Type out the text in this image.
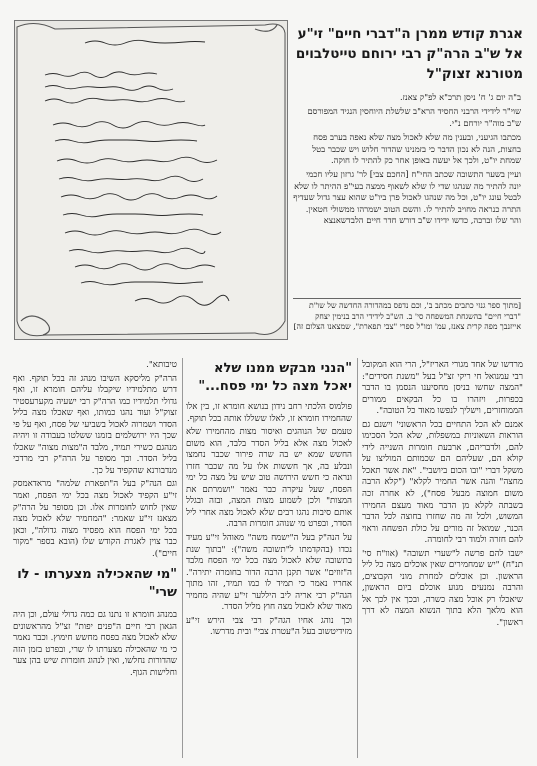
אגרת קודש ממרן ה"דברי חיים" זי"ע אל ש"ב הרה"ק רבי ירוחם טייטלבוים מטורנא זצוק"ל

ב"ה יום ג' ח' ניסן תרכ"א לפ"ק צאנז.

שוי"ר לידידי הרבני החסיד הרא"ב שלשלת היוחסין הנגיד המפורסם ש"ב מוה"ר יורחם נ"י.

מכתבו הגיעני, ובענין מה שלא לאכול מצה שלא נאפה בערב פסח בחצות, הנה לא נכון הדבר כי בזמנינו שהדור חלוש ויש שכבר בטל שמחת יו"ט, ולכך אל יעשה באופן אחר כק להתיר לו חוקה.

ועיין בשער התשובה שכתב החי"ח [החכם צבי] לר' גרזון עליו חכמי יונה להתיר מה שנהגו שדי לו שלא לשאוף ממצה בעי"פ ההיתר לו שלא לבטל עונג יו"ט, וכל מה שנהגו לאכול פרן ביו"ט שהוא עצר גדול שעדיף התרה כנראה מחויב להתיר לו. והשם הטוב ישמרהו ממשולי חטאין. והר שלו וברכה, כדשו ידידו ש"ב דורש חדר חיים הלבדשאנצא

[מתוך ספר גנזי כתבים מכתב ב', וכם נדפס במהדורה החדשה של שו"ת "דברי חיים" בהשגחת המשפחה סי' ב. הש"ב לידידי הרב בנימין יצחק אייזנבך מפה קרית צאנז, עמ' ומו"ל ספרי "צבי תפארת", שמצאנו הצלום זה]

מרדשו של אחד מגורי האריז"ל, הרי הוא המקובל רבי עמנואל חי ריקי זצ"ל בעל "משנת חסידים": "המצה שחשו בניסן מחסיענו הנסמן בו הדבר בכפרות, ויזהרו בו כל הבקאים ממורים הממוחזרים, וישליך לנפשו מאוד כל הטובה".

אמנם לא הכל התחיים בכל הראשוני' וישנם גם הוראות השאוניות במשפלות, שלא הכל הסכימו להם, ולדבריהם, ארבעת חומרות השנייה לידי קולא הם, שעליהם הם שכמותם המוליצו על משקל דברי "ובו הכום ביושבי". "את אשר תאכל מחצה" והנה אשר החמיר לקלא" ("קלא הרבה משום חמוצה מבעל פסח"), לא אחרה זכה בשבתה לקלא מן הדבר מאוד מעצם החמירו המשוש, ולכל זה מה שחזרו בחוצה לכל הדבר הכנר, שמואל זה מורים על כולת הפשחה וראוי להם חזרה ולמוד רבי לחומרה.

ישבו להם פרשה ל"שערי תשובה" (אוו"ח סי' תנ"ח) "יש שמחמירים שאין אוכלים מצה כל ליל הראשון. וכן אוכלים למחרת מוני הקבוצים, והרבה נמנעים מנוע אוכלם ביום הראשון, שיאכלו רק אוכל מצה כשרה, ובכך אין לכך אל הוא מלאך הלא בתוך הנשוא המצה לא דרך ראשון".

"הנני מבקש ממנו שלא יאכל מצה כל ימי פסח..."

פולמוס הלכתי רחב נידון בנושא חומרא זו, בין אלו שהחמירו חומרא זו, לאלו ששללו אותה בכל תוקף.

טעמם של הנוהגים ואיסור מצות מהחמירו שלא לאכול מצה אלא בליל הסדר בלבד, הוא משום החשש שמא יש בה שרה פירור שכבר נחמצו ונבלע בה, אך חששות אלו על מה שכבר חזרו ונראה כי חשש הירושה טוב שיש על מצה כל ימי הפסח, שעל עיקרה כבר נאמר "ושמרתם את המצות" ולכן לשמוע מצות המצה, ובזה ובגלל אותם סיבות נהגו רבים שלא לאכול מצה אחרי ליל הסדר, ובפרט מי שנוהג חומרות הרבה.

על הנה"ק בעל ה"ישמח משה" מאוהל זי"ע מעיד נכדו (בהקדמתו ל"תשובה משה"): "בתוך שנת בתשובה שלא לאכול מצה בכל ימי הפסח מלבד ה"זוזים" אשר תקנן הרבה הדור בחומרה יתירה". אחריו נאמר כי תמיד לו כמו תמיד, זהו מתוך הגה"ק רבי אריה ליב היללער זי"ע שהיה מחמיר מאוד שלא לאכול מצה חוץ מליל הסדר.

וכך נוהג אחיו הגה"ק רבי צבי הירש זי"ע מזידיטשוב בעל ה"עטרת צבי" ובית מדרשו.

טיבותא".

הרה"ק מליסקא השיבו מנהג זה בכל תוקף. ואף דרש מתלמידיו שיקבלו עליהם חומרא זו, ואף גדולי תלמידיו כמו הרה"ק רבי ישעיה מקערעסטיר זצוק"ל ועוד נהגו כמותו, ואף שאכלו מצה בליל הסדר ושמרוה לאכול בשביעי של פסח, ואף על פי שכך היו ירושלמים בזמנו ששלטו בעבודה זו ויהיה מנהגם כשירי תמיד, מלבד ה"מצות מצוה" שאכלו בליל הסדר. וכך מסופר על הרה"ק רבי מרדכי מנדבורנא שהקפיד על כך.

וגם הנה"ק בעל ה"תפארת שלמה" מראדאמסק זי"ע הקפיד לאכול מצה בכל ימי הפסח, ואמר שאין לחוש לחומרות אלו. וכן מסופר על הרה"ק מצאנז זי"ע שאמר: "המחמיר שלא לאכול מצה בכל ימי הפסח הוא מפסיד מצוה גדולה", וכאן כבר צוין לאגרת הקודש שלו (הובא בספר "מקור חיים").

"מי שהאכילה מצערתו - לו שרי"

במנהג חומרא זו נתנו גם כמה גדולי עולם, וכן היה הגאון רבי חיים ה"פנים יפות" זצ"ל מהראשונים שלא לאכול מצה בפסח מחשש חימוץ. וכבר נאמר כי מי שהאכילה מצערתו לו שרי, ובפרט בזמן הזה שהדורות נחלשו, ואין לנהוג חומרות שיש בהן צער וחלישות הגוף.
